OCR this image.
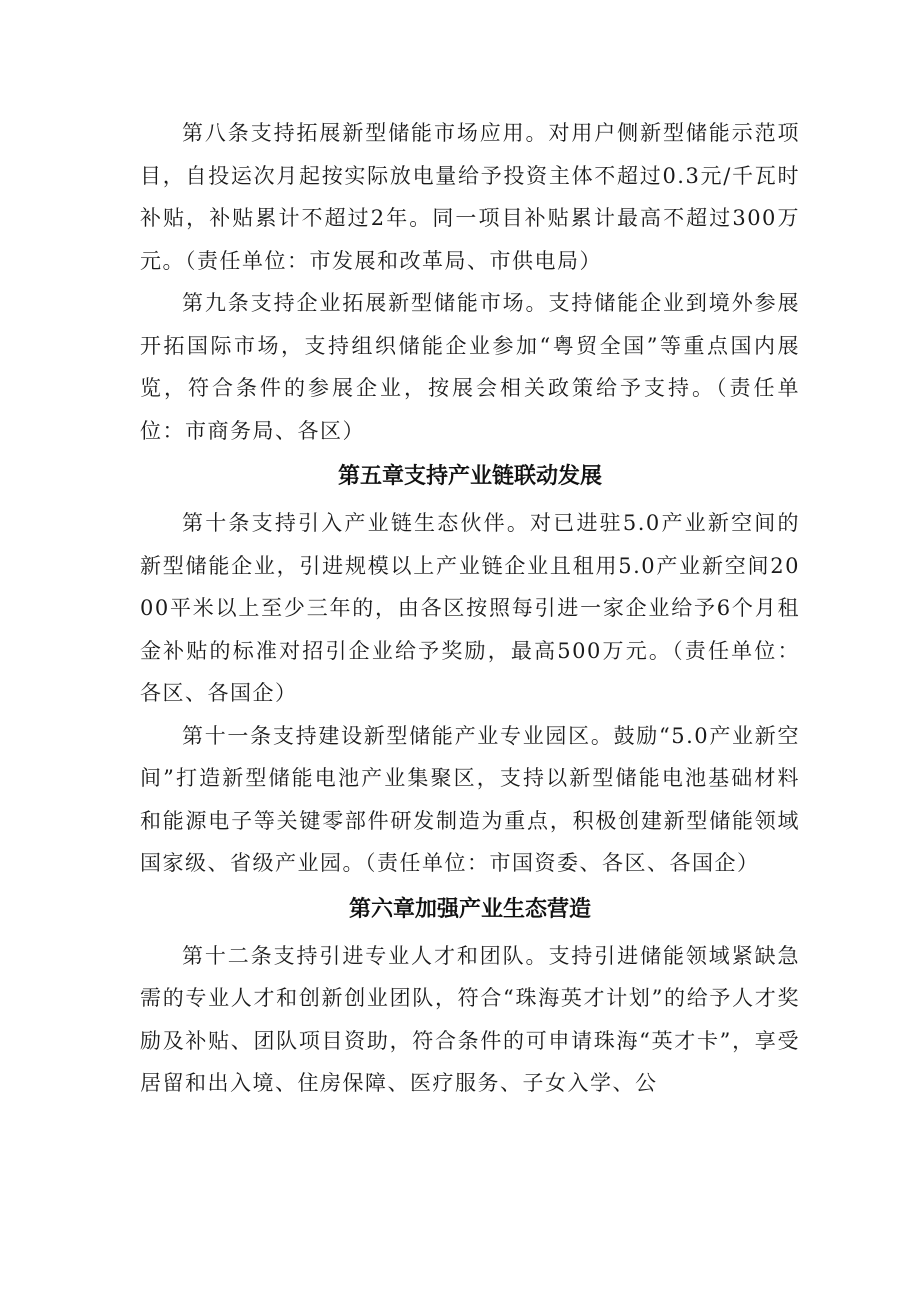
第八条支持拓展新型储能市场应用。对用户侧新型储能示范项目，自投运次月起按实际放电量给予投资主体不超过0.3元/千瓦时补贴，补贴累计不超过2年。同一项目补贴累计最高不超过300万元。（责任单位：市发展和改革局、市供电局）

第九条支持企业拓展新型储能市场。支持储能企业到境外参展开拓国际市场，支持组织储能企业参加“粤贸全国”等重点国内展览，符合条件的参展企业，按展会相关政策给予支持。（责任单位：市商务局、各区）

第五章支持产业链联动发展

第十条支持引入产业链生态伙伴。对已进驻5.0产业新空间的新型储能企业，引进规模以上产业链企业且租用5.0产业新空间2000平米以上至少三年的，由各区按照每引进一家企业给予6个月租金补贴的标准对招引企业给予奖励，最高500万元。（责任单位：各区、各国企）

第十一条支持建设新型储能产业专业园区。鼓励“5.0产业新空间”打造新型储能电池产业集聚区，支持以新型储能电池基础材料和能源电子等关键零部件研发制造为重点，积极创建新型储能领域国家级、省级产业园。（责任单位：市国资委、各区、各国企）

第六章加强产业生态营造

第十二条支持引进专业人才和团队。支持引进储能领域紧缺急需的专业人才和创新创业团队，符合“珠海英才计划”的给予人才奖励及补贴、团队项目资助，符合条件的可申请珠海“英才卡”，享受居留和出入境、住房保障、医疗服务、子女入学、公
